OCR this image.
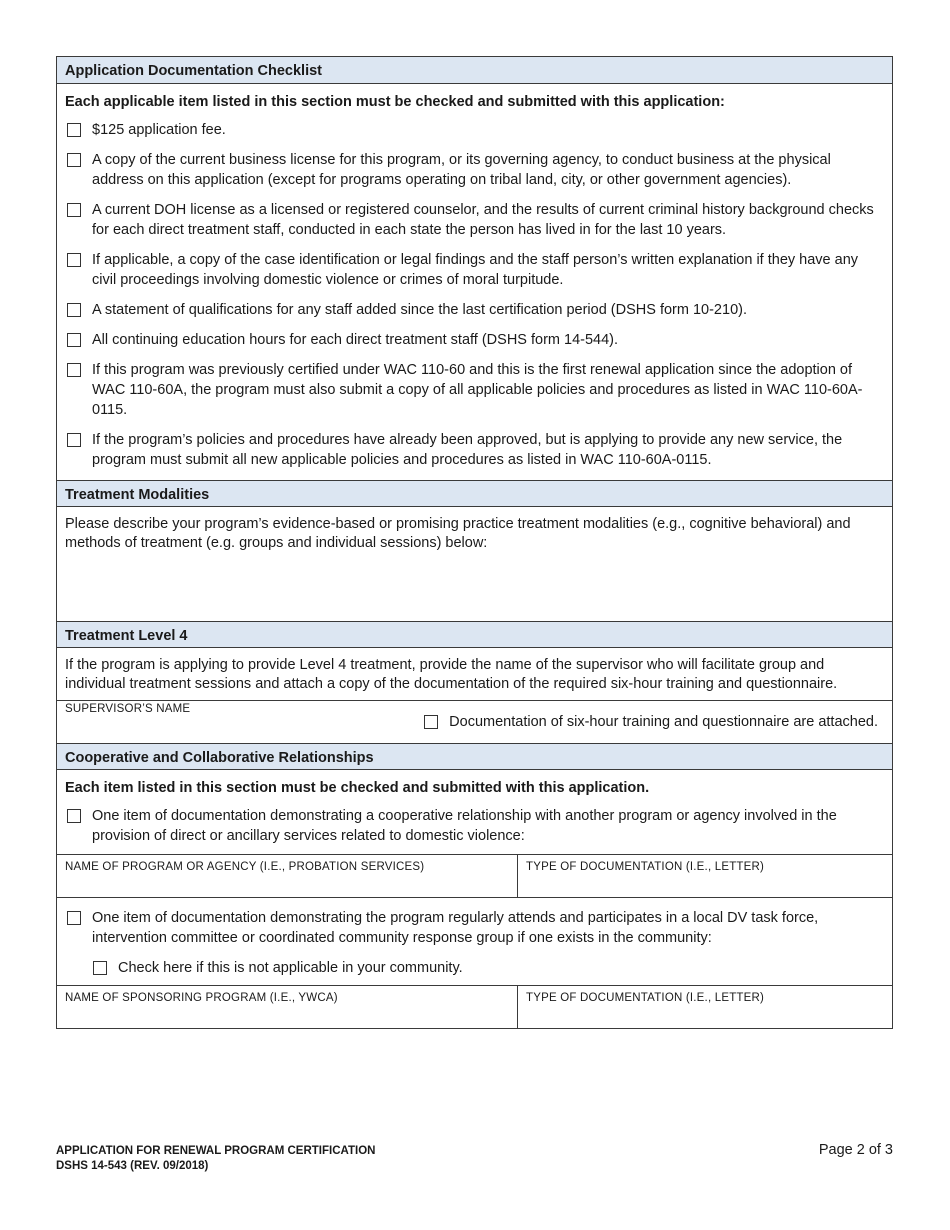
Application Documentation Checklist
Each applicable item listed in this section must be checked and submitted with this application:
$125 application fee.
A copy of the current business license for this program, or its governing agency, to conduct business at the physical address on this application (except for programs operating on tribal land, city, or other government agencies).
A current DOH license as a licensed or registered counselor, and the results of current criminal history background checks for each direct treatment staff, conducted in each state the person has lived in for the last 10 years.
If applicable, a copy of the case identification or legal findings and the staff person’s written explanation if they have any civil proceedings involving domestic violence or crimes of moral turpitude.
A statement of qualifications for any staff added since the last certification period (DSHS form 10-210).
All continuing education hours for each direct treatment staff (DSHS form 14-544).
If this program was previously certified under WAC 110-60 and this is the first renewal application since the adoption of WAC 110-60A, the program must also submit a copy of all applicable policies and procedures as listed in WAC 110-60A-0115.
If the program’s policies and procedures have already been approved, but is applying to provide any new service, the program must submit all new applicable policies and procedures as listed in WAC 110-60A-0115.
Treatment Modalities
Please describe your program’s evidence-based or promising practice treatment modalities (e.g., cognitive behavioral) and methods of treatment (e.g. groups and individual sessions) below:
Treatment Level 4
If the program is applying to provide Level 4 treatment, provide the name of the supervisor who will facilitate group and individual treatment sessions and attach a copy of the documentation of the required six-hour training and questionnaire.
SUPERVISOR’S NAME
Documentation of six-hour training and questionnaire are attached.
Cooperative and Collaborative Relationships
Each item listed in this section must be checked and submitted with this application.
One item of documentation demonstrating a cooperative relationship with another program or agency involved in the provision of direct or ancillary services related to domestic violence:
NAME OF PROGRAM OR AGENCY (I.E., PROBATION SERVICES)	TYPE OF DOCUMENTATION (I.E., LETTER)
One item of documentation demonstrating the program regularly attends and participates in a local DV task force, intervention committee or coordinated community response group if one exists in the community:
Check here if this is not applicable in your community.
NAME OF SPONSORING PROGRAM (I.E., YWCA)	TYPE OF DOCUMENTATION (I.E., LETTER)
APPLICATION FOR RENEWAL PROGRAM CERTIFICATION
DSHS 14-543 (REV. 09/2018)
Page 2 of 3
